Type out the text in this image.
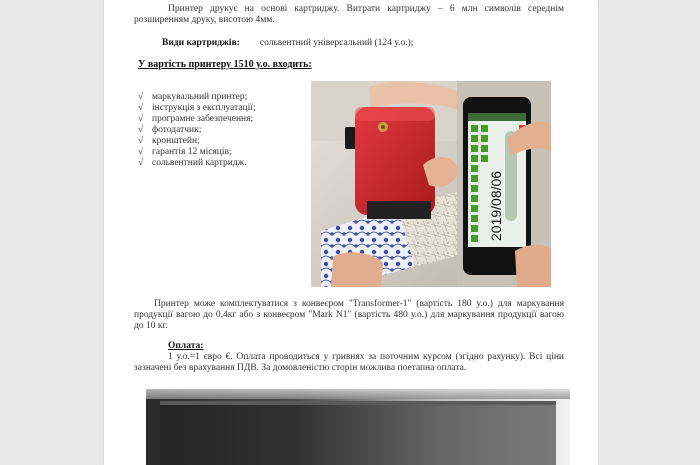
Принтер друкує на основі картриджу. Витрати картриджу – 6 млн символів середнім розширенням друку, висотою 4мм.
Види картриджів: сольвентний універсальний (124 у.о.);
У вартість принтеру 1510 у.о. входить:
√ маркувальний принтер;
√ інструкція з експлуатації;
√ програмне забезпечення;
√ фотодатчик;
√ кронштейн;
√ гарантія 12 місяців;
√ сольвентний картридж.
2019/08/06
Принтер може комплектуватися з конвеєром "Transformer-1" (вартість 180 у.о.) для маркування продукції вагою до 0,4кг або з конвеєром "Mark N1" (вартість 480 у.о.) для маркування продукції вагою до 10 кг.
Оплата:
1 у.о.=1 євро €. Оплата проводиться у гривнях за поточним курсом (згідно рахунку). Всі ціни зазначені без врахування ПДВ. За домовленістю сторін можлива поетапна оплата.
